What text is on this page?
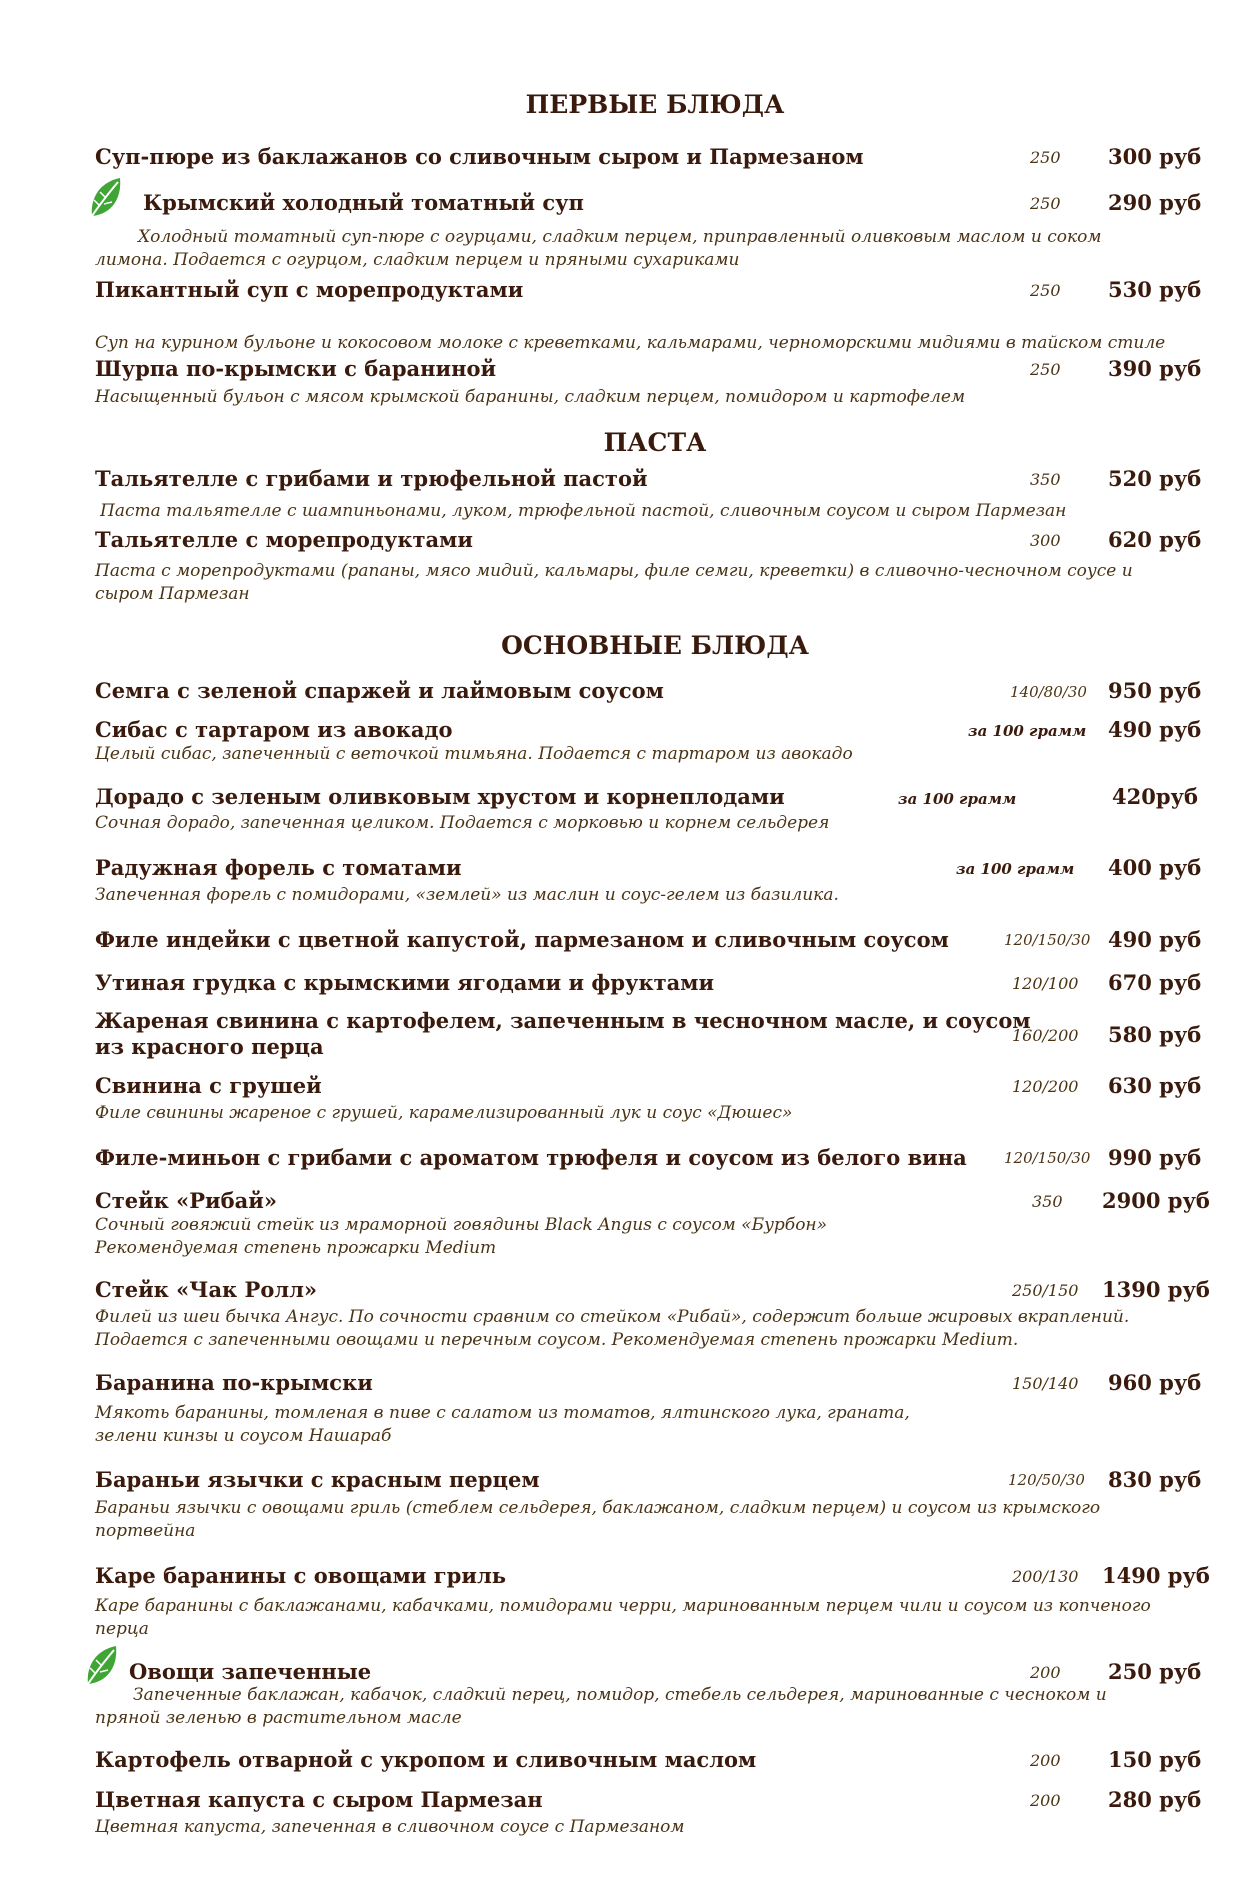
ПЕРВЫЕ БЛЮДА
Суп-пюре из баклажанов со сливочным сыром и Пармезаном	250 300 руб
Крымский холодный томатный суп	250 290 руб
Холодный томатный суп-пюре с огурцами, сладким перцем, приправленный оливковым маслом и соком
лимона. Подается с огурцом, сладким перцем и пряными сухариками
Пикантный суп с морепродуктами	250 530 руб
Суп на курином бульоне и кокосовом молоке с креветками, кальмарами, черноморскими мидиями в тайском стиле
Шурпа по-крымски с бараниной	250 390 руб
Насыщенный бульон с мясом крымской баранины, сладким перцем, помидором и картофелем
ПАСТА
Тальятелле с грибами и трюфельной пастой	350 520 руб
Паста тальятелле с шампиньонами, луком, трюфельной пастой, сливочным соусом и сыром Пармезан
Тальятелле с морепродуктами	300 620 руб
Паста с морепродуктами (рапаны, мясо мидий, кальмары, филе семги, креветки) в сливочно-чесночном соусе и
сыром Пармезан
ОСНОВНЫЕ БЛЮДА
Семга с зеленой спаржей и лаймовым соусом	140/80/30 950 руб
Сибас с тартаром из авокадо	за 100 грамм 490 руб
Целый сибас, запеченный с веточкой тимьяна. Подается с тартаром из авокадо
Дорадо с зеленым оливковым хрустом и корнеплодами	за 100 грамм	420руб
Сочная дорадо, запеченная целиком. Подается с морковью и корнем сельдерея
Радужная форель с томатами	за 100 грамм 400 руб
Запеченная форель с помидорами, «землей» из маслин и соус-гелем из базилика.
Филе индейки с цветной капустой, пармезаном и сливочным соусом	120/150/30 490 руб
Утиная грудка с крымскими ягодами и фруктами	120/100 670 руб
Жареная свинина с картофелем, запеченным в чесночном масле, и соусом
из красного перца	160/200 580 руб
Свинина с грушей	120/200 630 руб
Филе свинины жареное с грушей, карамелизированный лук и соус «Дюшес»
Филе-миньон с грибами с ароматом трюфеля и соусом из белого вина 120/150/30 990 руб
Стейк «Рибай»	350 2900 руб
Сочный говяжий стейк из мраморной говядины Black Angus с соусом «Бурбон»
Рекомендуемая степень прожарки Medium
Стейк «Чак Ролл»	250/150 1390 руб
Филей из шеи бычка Ангус. По сочности сравним со стейком «Рибай», содержит больше жировых вкраплений.
Подается с запеченными овощами и перечным соусом. Рекомендуемая степень прожарки Medium.
Баранина по-крымски	150/140 960 руб
Мякоть баранины, томленая в пиве с салатом из томатов, ялтинского лука, граната,
зелени кинзы и соусом Нашараб
Бараньи язычки с красным перцем	120/50/30 830 руб
Бараньи язычки с овощами гриль (стеблем сельдерея, баклажаном, сладким перцем) и соусом из крымского
портвейна
Каре баранины с овощами гриль	200/130 1490 руб
Каре баранины с баклажанами, кабачками, помидорами черри, маринованным перцем чили и соусом из копченого
перца
Овощи запеченные	200 250 руб
Запеченные баклажан, кабачок, сладкий перец, помидор, стебель сельдерея, маринованные с чесноком и
пряной зеленью в растительном масле
Картофель отварной с укропом и сливочным маслом	200 150 руб
Цветная капуста с сыром Пармезан	200 280 руб
Цветная капуста, запеченная в сливочном соусе с Пармезаном
